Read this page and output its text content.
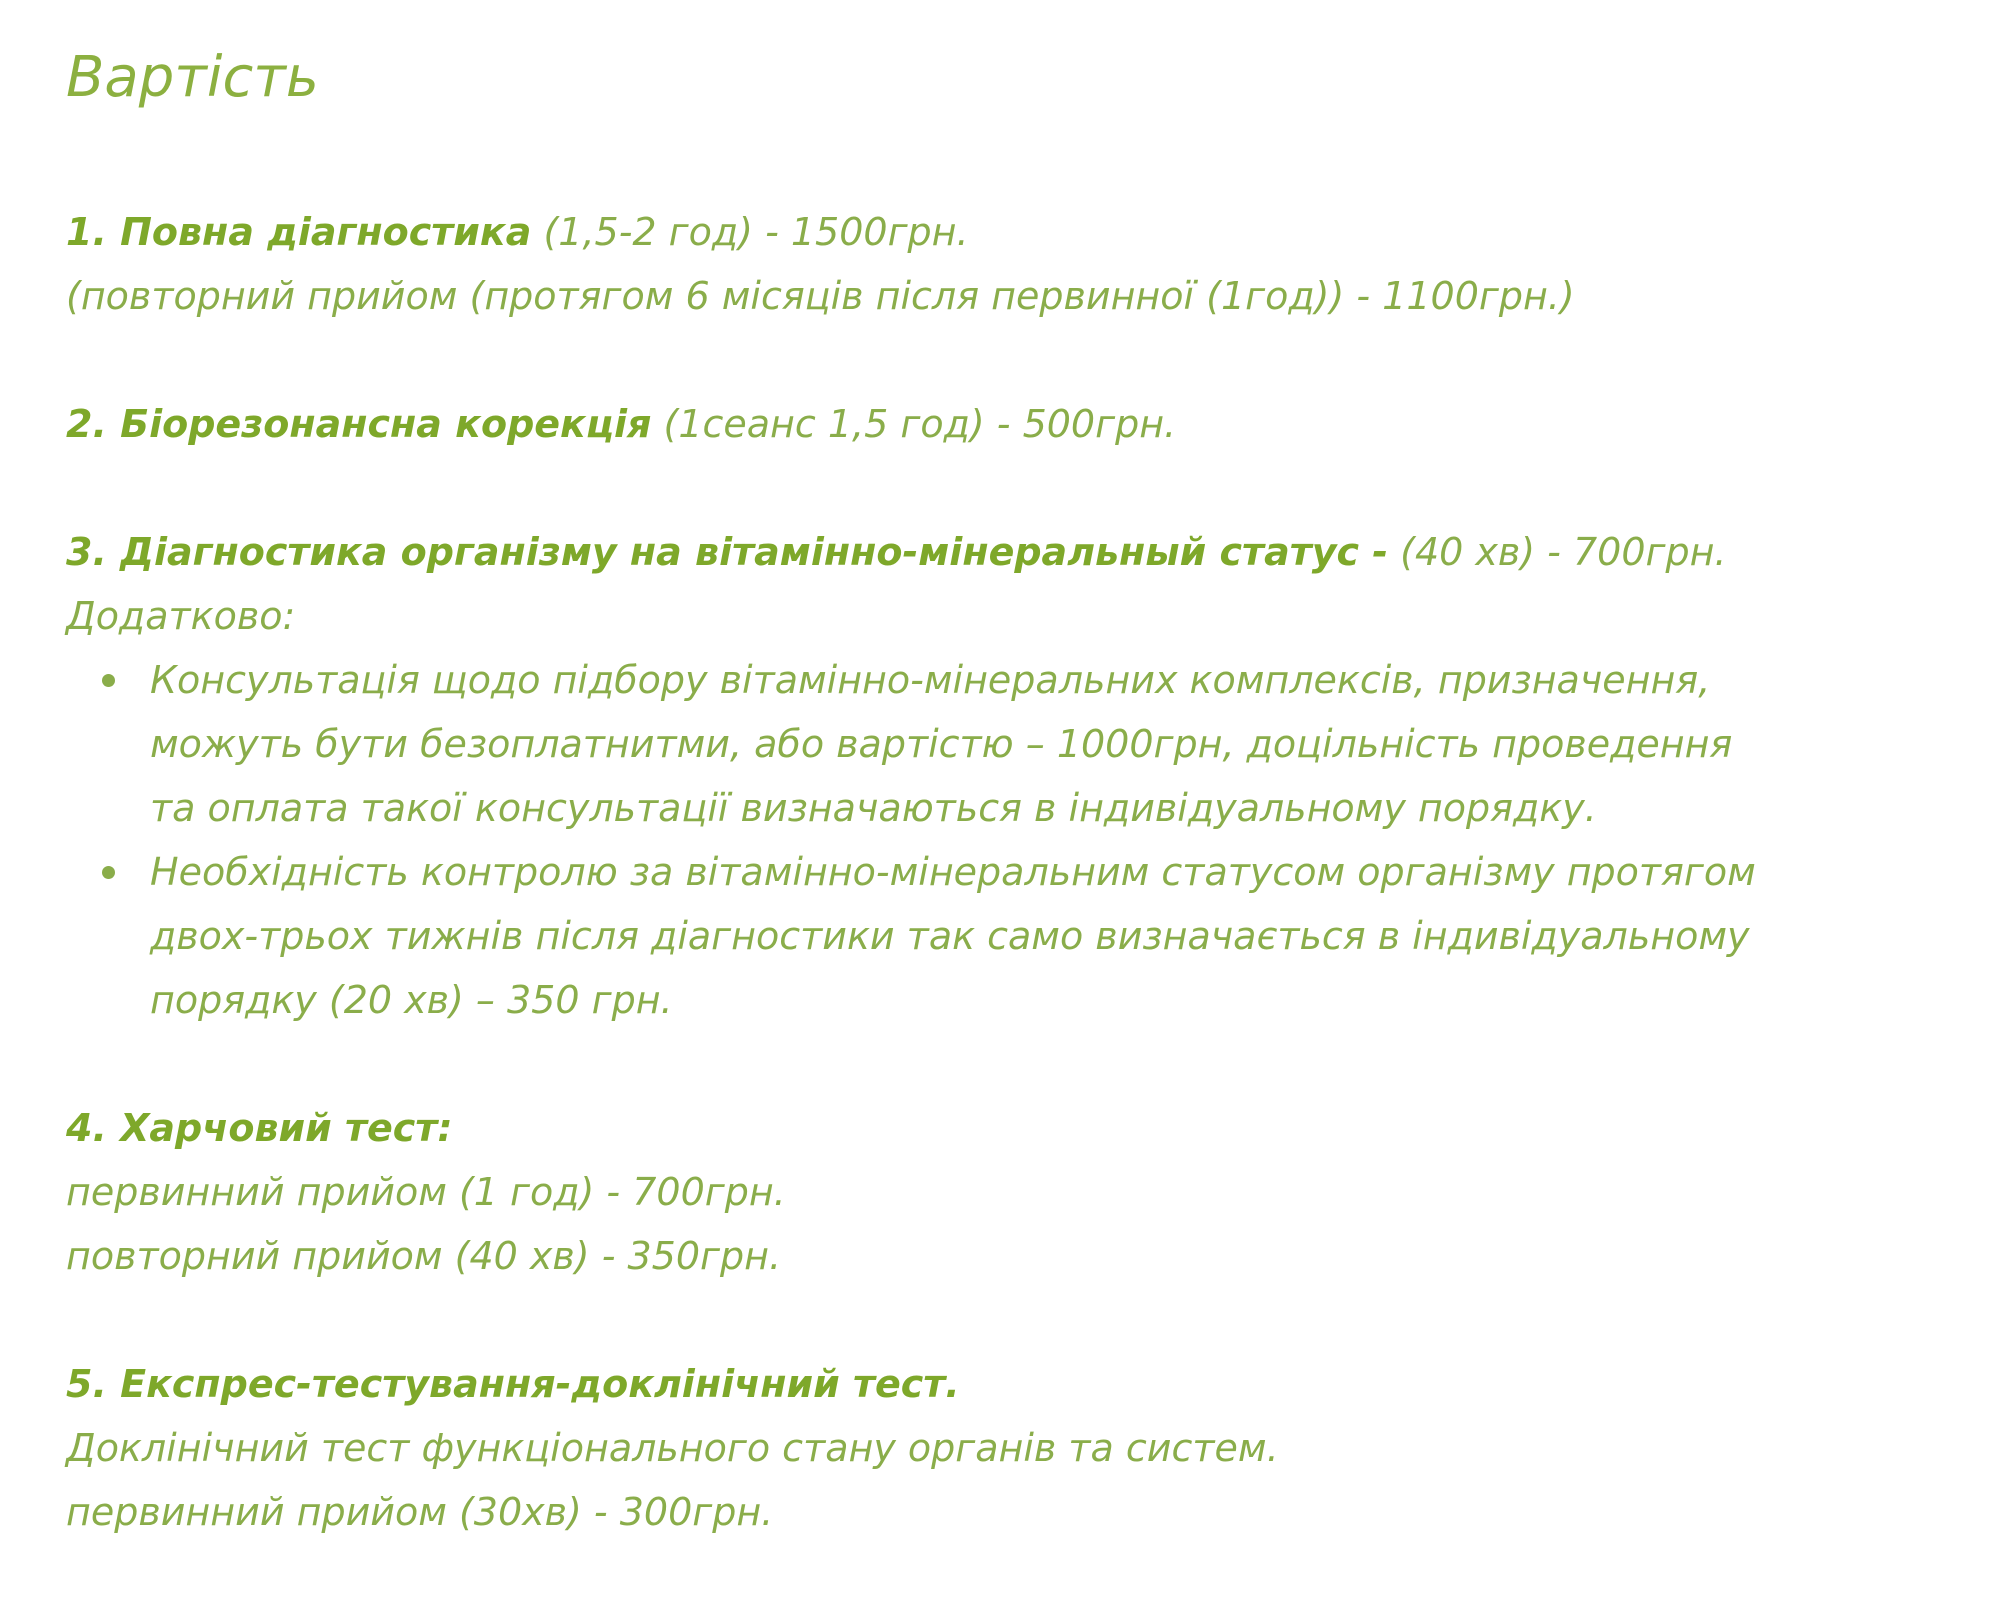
Вартість
1. Повна діагностика (1,5-2 год) - 1500грн.
(повторний прийом (протягом 6 місяців після первинної (1год)) - 1100грн.)
2. Біорезонансна корекція (1сеанс 1,5 год) - 500грн.
3. Діагностика організму на вітамінно-мінеральный статус - (40 хв) - 700грн.
Додатково:
Консультація щодо підбору вітамінно-мінеральних комплексів, призначення,
можуть бути безоплатнитми, або вартістю – 1000грн, доцільність проведення
та оплата такої консультації визначаються в індивідуальному порядку.
Необхідність контролю за вітамінно-мінеральним статусом організму протягом
двох-трьох тижнів після діагностики так само визначається в індивідуальному
порядку (20 хв) – 350 грн.
4. Харчовий тест:
первинний прийом (1 год) - 700грн.
повторний прийом (40 хв) - 350грн.
5. Експрес-тестування-доклінічний тест.
Доклінічний тест функціонального стану органів та систем.
первинний прийом (30хв) - 300грн.
